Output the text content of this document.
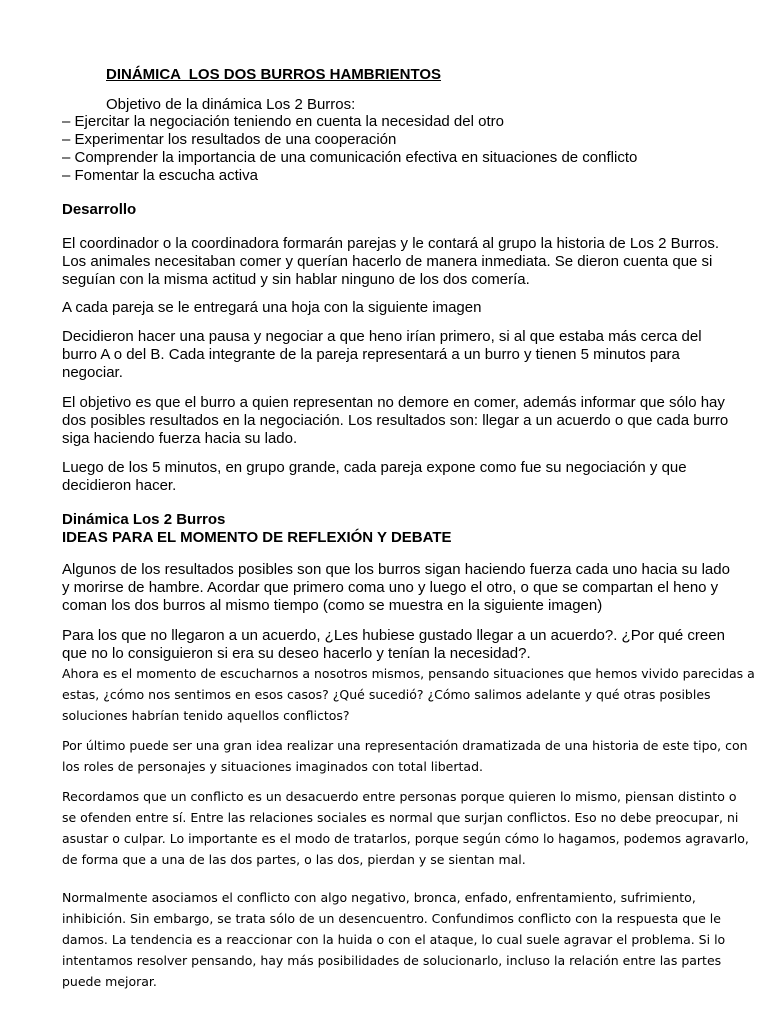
DINÁMICA  LOS DOS BURROS HAMBRIENTOS
Objetivo de la dinámica Los 2 Burros:
– Ejercitar la negociación teniendo en cuenta la necesidad del otro
– Experimentar los resultados de una cooperación
– Comprender la importancia de una comunicación efectiva en situaciones de conflicto
– Fomentar la escucha activa
Desarrollo
El coordinador o la coordinadora formarán parejas y le contará al grupo la historia de Los 2 Burros.
Los animales necesitaban comer y querían hacerlo de manera inmediata. Se dieron cuenta que si
seguían con la misma actitud y sin hablar ninguno de los dos comería.
A cada pareja se le entregará una hoja con la siguiente imagen
Decidieron hacer una pausa y negociar a que heno irían primero, si al que estaba más cerca del
burro A o del B. Cada integrante de la pareja representará a un burro y tienen 5 minutos para
negociar.
El objetivo es que el burro a quien representan no demore en comer, además informar que sólo hay
dos posibles resultados en la negociación. Los resultados son: llegar a un acuerdo o que cada burro
siga haciendo fuerza hacia su lado.
Luego de los 5 minutos, en grupo grande, cada pareja expone como fue su negociación y que
decidieron hacer.
Dinámica Los 2 Burros
IDEAS PARA EL MOMENTO DE REFLEXIÓN Y DEBATE
Algunos de los resultados posibles son que los burros sigan haciendo fuerza cada uno hacia su lado
y morirse de hambre. Acordar que primero coma uno y luego el otro, o que se compartan el heno y
coman los dos burros al mismo tiempo (como se muestra en la siguiente imagen)
Para los que no llegaron a un acuerdo, ¿Les hubiese gustado llegar a un acuerdo?. ¿Por qué creen
que no lo consiguieron si era su deseo hacerlo y tenían la necesidad?.
Ahora es el momento de escucharnos a nosotros mismos, pensando situaciones que hemos vivido parecidas a
estas, ¿cómo nos sentimos en esos casos? ¿Qué sucedió? ¿Cómo salimos adelante y qué otras posibles
soluciones habrían tenido aquellos conflictos?
Por último puede ser una gran idea realizar una representación dramatizada de una historia de este tipo, con
los roles de personajes y situaciones imaginados con total libertad.
Recordamos que un conflicto es un desacuerdo entre personas porque quieren lo mismo, piensan distinto o
se ofenden entre sí. Entre las relaciones sociales es normal que surjan conflictos. Eso no debe preocupar, ni
asustar o culpar. Lo importante es el modo de tratarlos, porque según cómo lo hagamos, podemos agravarlo,
de forma que a una de las dos partes, o las dos, pierdan y se sientan mal.
Normalmente asociamos el conflicto con algo negativo, bronca, enfado, enfrentamiento, sufrimiento,
inhibición. Sin embargo, se trata sólo de un desencuentro. Confundimos conflicto con la respuesta que le
damos. La tendencia es a reaccionar con la huida o con el ataque, lo cual suele agravar el problema. Si lo
intentamos resolver pensando, hay más posibilidades de solucionarlo, incluso la relación entre las partes
puede mejorar.
